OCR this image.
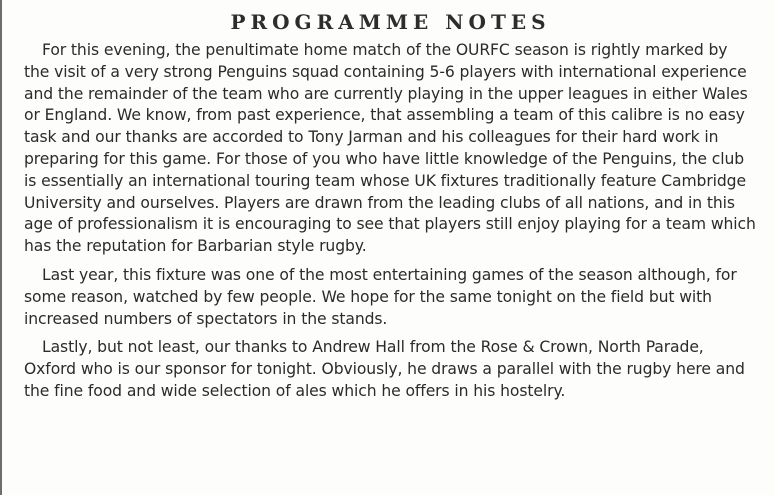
PROGRAMME NOTES

For this evening, the penultimate home match of the OURFC season is rightly marked by the visit of a very strong Penguins squad containing 5-6 players with international experience and the remainder of the team who are currently playing in the upper leagues in either Wales or England. We know, from past experience, that assembling a team of this calibre is no easy task and our thanks are accorded to Tony Jarman and his colleagues for their hard work in preparing for this game. For those of you who have little knowledge of the Penguins, the club is essentially an international touring team whose UK fixtures traditionally feature Cambridge University and ourselves. Players are drawn from the leading clubs of all nations, and in this age of professionalism it is encouraging to see that players still enjoy playing for a team which has the reputation for Barbarian style rugby.

Last year, this fixture was one of the most entertaining games of the season although, for some reason, watched by few people. We hope for the same tonight on the field but with increased numbers of spectators in the stands.

Lastly, but not least, our thanks to Andrew Hall from the Rose & Crown, North Parade, Oxford who is our sponsor for tonight. Obviously, he draws a parallel with the rugby here and the fine food and wide selection of ales which he offers in his hostelry.
